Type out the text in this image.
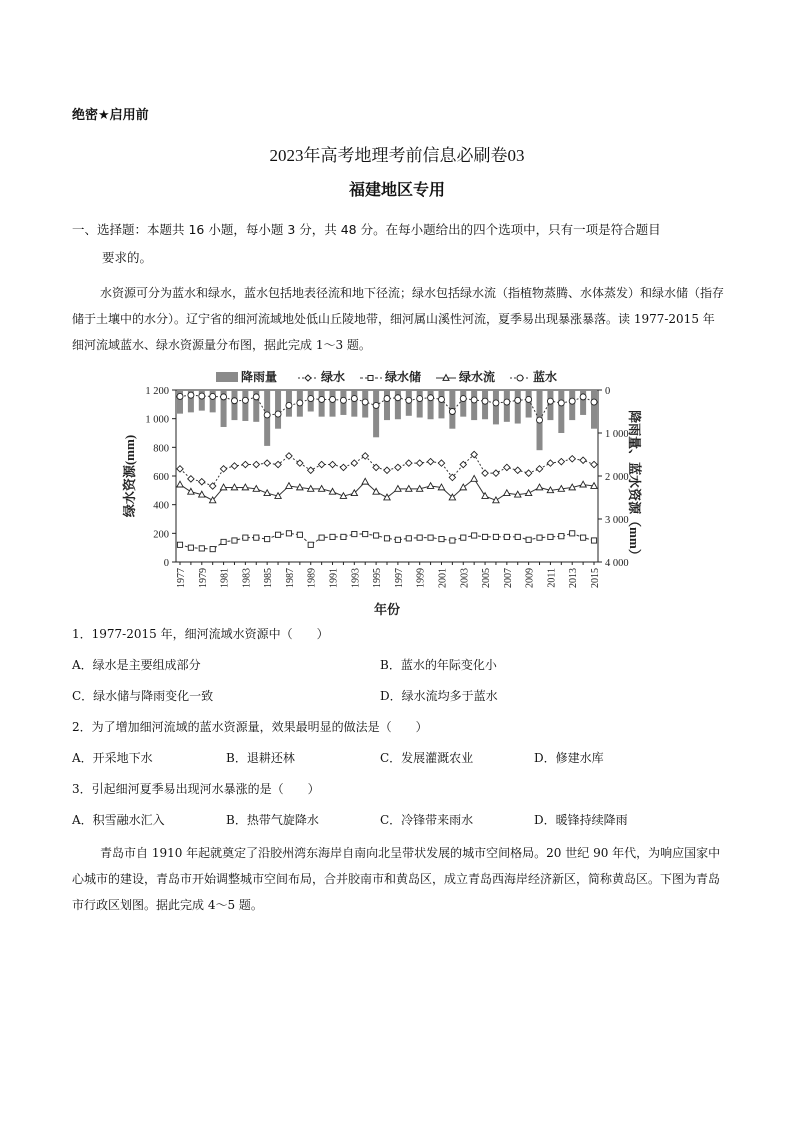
绝密★启用前
2023年高考地理考前信息必刷卷03
福建地区专用
一、选择题：本题共 16 小题，每小题 3 分，共 48 分。在每小题给出的四个选项中，只有一项是符合题目
要求的。
水资源可分为蓝水和绿水，蓝水包括地表径流和地下径流；绿水包括绿水流（指植物蒸腾、水体蒸发）和绿水储（指存储于土壤中的水分）。辽宁省的细河流域地处低山丘陵地带，细河属山溪性河流，夏季易出现暴涨暴落。读 1977-2015 年细河流域蓝水、绿水资源量分布图，据此完成 1～3 题。
0
200
400
600
800
1 000
1 200	0
1 000
2 000
3 000
4 000
1977 1979 1981 1983 1985 1987 1989 1991 1993 1995 1997 1999 2001 2003 2005 2007 2009 2011 2013 2015
年份
绿水资源(mm)	降雨量、蓝水资源（mm）
降雨量	绿水	绿水储	绿水流	蓝水
1．1977-2015 年，细河流域水资源中（　　）
A．绿水是主要组成部分	B．蓝水的年际变化小
C．绿水储与降雨变化一致	D．绿水流均多于蓝水
2．为了增加细河流域的蓝水资源量，效果最明显的做法是（　　）
A．开采地下水	B．退耕还林	C．发展灌溉农业	D．修建水库
3．引起细河夏季易出现河水暴涨的是（　　）
A．积雪融水汇入	B．热带气旋降水	C．冷锋带来雨水	D．暖锋持续降雨
青岛市自 1910 年起就奠定了沿胶州湾东海岸自南向北呈带状发展的城市空间格局。20 世纪 90 年代，为响应国家中心城市的建设，青岛市开始调整城市空间布局，合并胶南市和黄岛区，成立青岛西海岸经济新区，简称黄岛区。下图为青岛市行政区划图。据此完成 4～5 题。
